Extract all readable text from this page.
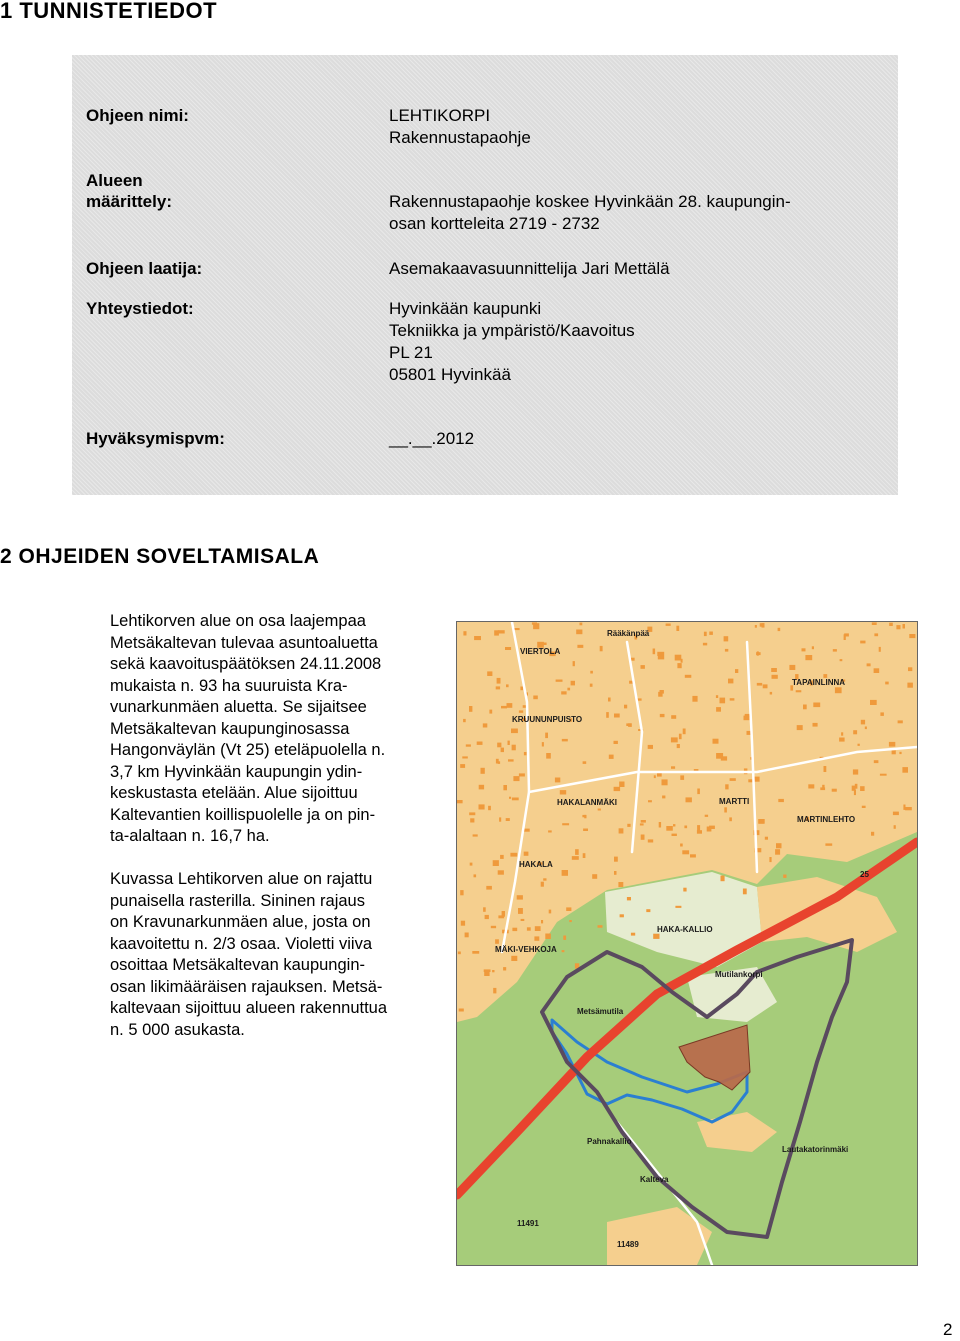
1 TUNNISTETIEDOT
Ohjeen nimi:	LEHTIKORPI
Rakennustapaohje
Alueen
määrittely:	Rakennustapaohje koskee Hyvinkään 28. kaupungin-
osan kortteleita 2719 - 2732
Ohjeen laatija:	Asemakaavasuunnittelija Jari Mettälä
Yhteystiedot:	Hyvinkään kaupunki
Tekniikka ja ympäristö/Kaavoitus
PL 21
05801 Hyvinkää
Hyväksymispvm:	__.__.2012
2 OHJEIDEN SOVELTAMISALA
Lehtikorven alue on osa laajempaa
Metsäkaltevan tulevaa asuntoaluetta
sekä kaavoituspäätöksen 24.11.2008
mukaista n. 93 ha suuruista Kra-
vunarkunmäen aluetta. Se sijaitsee
Metsäkaltevan kaupunginosassa
Hangonväylän (Vt 25) eteläpuolella n.
3,7 km Hyvinkään kaupungin ydin-
keskustasta etelään. Alue sijoittuu
Kaltevantien koillispuolelle ja on pin-
ta-alaltaan n. 16,7 ha.
Kuvassa Lehtikorven alue on rajattu
punaisella rasterilla. Sininen rajaus
on Kravunarkunmäen alue, josta on
kaavoitettu n. 2/3 osaa. Violetti viiva
osoittaa Metsäkaltevan kaupungin-
osan likimääräisen rajauksen. Metsä-
kaltevaan sijoittuu alueen rakennuttua
n. 5 000 asukasta.
VIERTOLA
Rääkänpää
TAPAINLINNA
KRUUNUNPUISTO
MARTTI
MARTINLEHTO
HAKALANMÄKI
HAKALA
MÄKI-VEHKOJA
HAKA-KALLIO
Mutilankorpi
Metsämutila
Pahnakallio
Lautakatorinmäki
Kalteva
11491
11489
25
2
